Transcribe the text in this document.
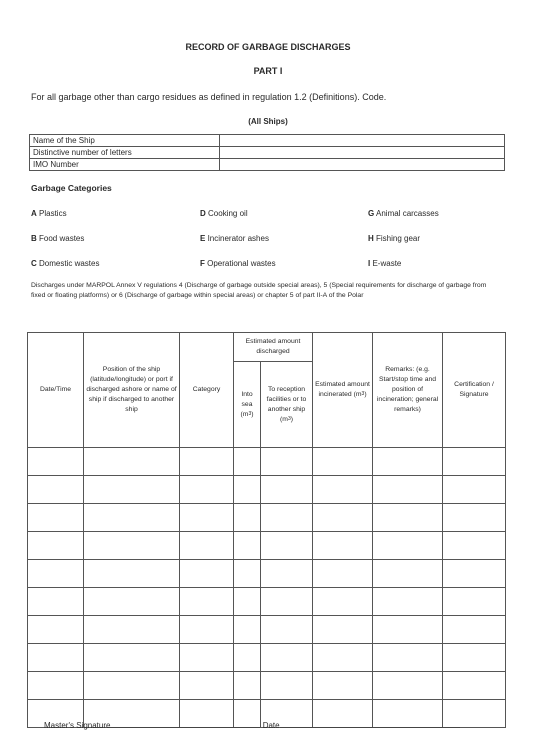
RECORD OF GARBAGE DISCHARGES
PART I
For all garbage other than cargo residues as defined in regulation 1.2 (Definitions). Code.
(All Ships)
Name of the Ship	
Distinctive number of letters	
IMO Number	
Garbage Categories
A Plastics
B Food wastes
C Domestic wastes
D Cooking oil
E Incinerator ashes
F Operational wastes
G Animal carcasses
H Fishing gear
I E-waste
Discharges under MARPOL Annex V regulations 4 (Discharge of garbage outside special areas), 5 (Special requirements for discharge of garbage from fixed or floating platforms) or 6 (Discharge of garbage within special areas) or chapter 5 of part II-A of the Polar
Date/Time	Position of the ship (latitude/longitude) or port if discharged ashore or name of ship if discharged to another ship	Category	Estimated amount discharged		Estimated amount incinerated $(m^3)$	Remarks: (e.g. Start/stop time and position of incineration; general remarks)	Certification / Signature
			Into sea $(m^3)$	To reception facilities or to another ship $(m^3)$			

Master's Signature	Date
